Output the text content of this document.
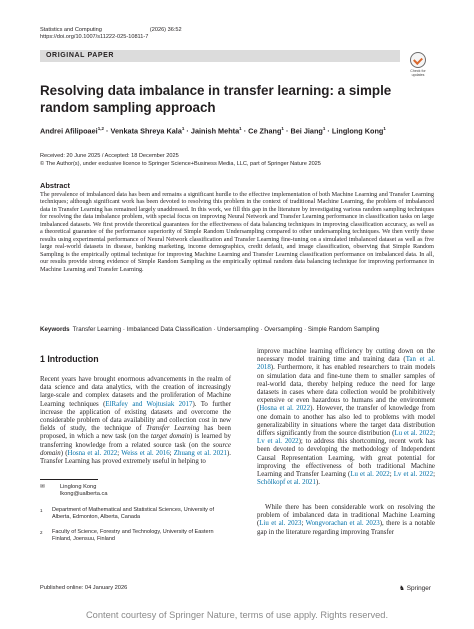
Statistics and Computing	(2026) 36:52
https://doi.org/10.1007/s11222-025-10811-7
ORIGINAL PAPER
Check for
updates
Resolving data imbalance in transfer learning: a simple random sampling approach
Andrei Afilipoaei$^{1,2}$ · Venkata Shreya Kala$^1$ · Jainish Mehta$^1$ · Ce Zhang$^1$ · Bei Jiang$^1$ · Linglong Kong$^1$
Received: 20 June 2025 / Accepted: 18 December 2025
© The Author(s), under exclusive licence to Springer Science+Business Media, LLC, part of Springer Nature 2025
Abstract

The prevalence of imbalanced data has been and remains a significant hurdle to the effective implementation of both Machine Learning and Transfer Learning techniques; although significant work has been devoted to resolving this problem in the context of traditional Machine Learning, the problem of imbalanced data in Transfer Learning has remained largely unaddressed. In this work, we fill this gap in the literature by investigating various random sampling techniques for resolving the data imbalance problem, with special focus on improving Neural Network and Transfer Learning performance in classification tasks on large imbalanced datasets. We first provide theoretical guarantees for the effectiveness of data balancing techniques in improving classification accuracy, as well as a theoretical guarantee of the performance superiority of Simple Random Undersampling compared to other undersampling techniques. We then verify these results using experimental performance of Neural Network classification and Transfer Learning fine-tuning on a simulated imbalanced dataset as well as five large real-world datasets in disease, banking marketing, income demographics, credit default, and image classification, observing that Simple Random Sampling is the empirically optimal technique for improving Machine Learning and Transfer Learning classification performance on imbalanced data. In all, our results provide strong evidence of Simple Random Sampling as the empirically optimal random data balancing technique for improving performance in Machine Learning and Transfer Learning.

Keywords Transfer Learning · Imbalanced Data Classification · Undersampling · Oversampling · Simple Random Sampling
1 Introduction

Recent years have brought enormous advancements in the realm of data science and data analytics, with the creation of increasingly large-scale and complex datasets and the proliferation of Machine Learning techniques (ElRafey and Wojtusiak 2017). To further increase the application of existing datasets and overcome the considerable problem of data availability and collection cost in new fields of study, the technique of Transfer Learning has been proposed, in which a new task (on the target domain) is learned by transferring knowledge from a related source task (on the source domain) (Hosna et al. 2022; Weiss et al. 2016; Zhuang et al. 2021). Transfer Learning has proved extremely useful in helping to

improve machine learning efficiency by cutting down on the necessary model training time and training data (Tan et al. 2018). Furthermore, it has enabled researchers to train models on simulation data and fine-tune them to smaller samples of real-world data, thereby helping reduce the need for large datasets in cases where data collection would be prohibitively expensive or even hazardous to humans and the environment (Hosna et al. 2022). However, the transfer of knowledge from one domain to another has also led to problems with model generalizability in situations where the target data distribution differs significantly from the source distribution (Lu et al. 2022; Lv et al. 2022); to address this shortcoming, recent work has been devoted to developing the methodology of Independent Causal Representation Learning, with great potential for improving the effectiveness of both traditional Machine Learning and Transfer Learning (Lu et al. 2022; Lv et al. 2022; Schölkopf et al. 2021).

While there has been considerable work on resolving the problem of imbalanced data in traditional Machine Learning (Liu et al. 2023; Wongvorachan et al. 2023), there is a notable gap in the literature regarding improving Transfer

✉	Linglong Kong
lkong@ualberta.ca
1 Department of Mathematical and Statistical Sciences, University of Alberta, Edmonton, Alberta, Canada
2 Faculty of Science, Forestry and Technology, University of Eastern Finland, Joensuu, Finland
Published online: 04 January 2026	♞ Springer
Content courtesy of Springer Nature, terms of use apply. Rights reserved.
